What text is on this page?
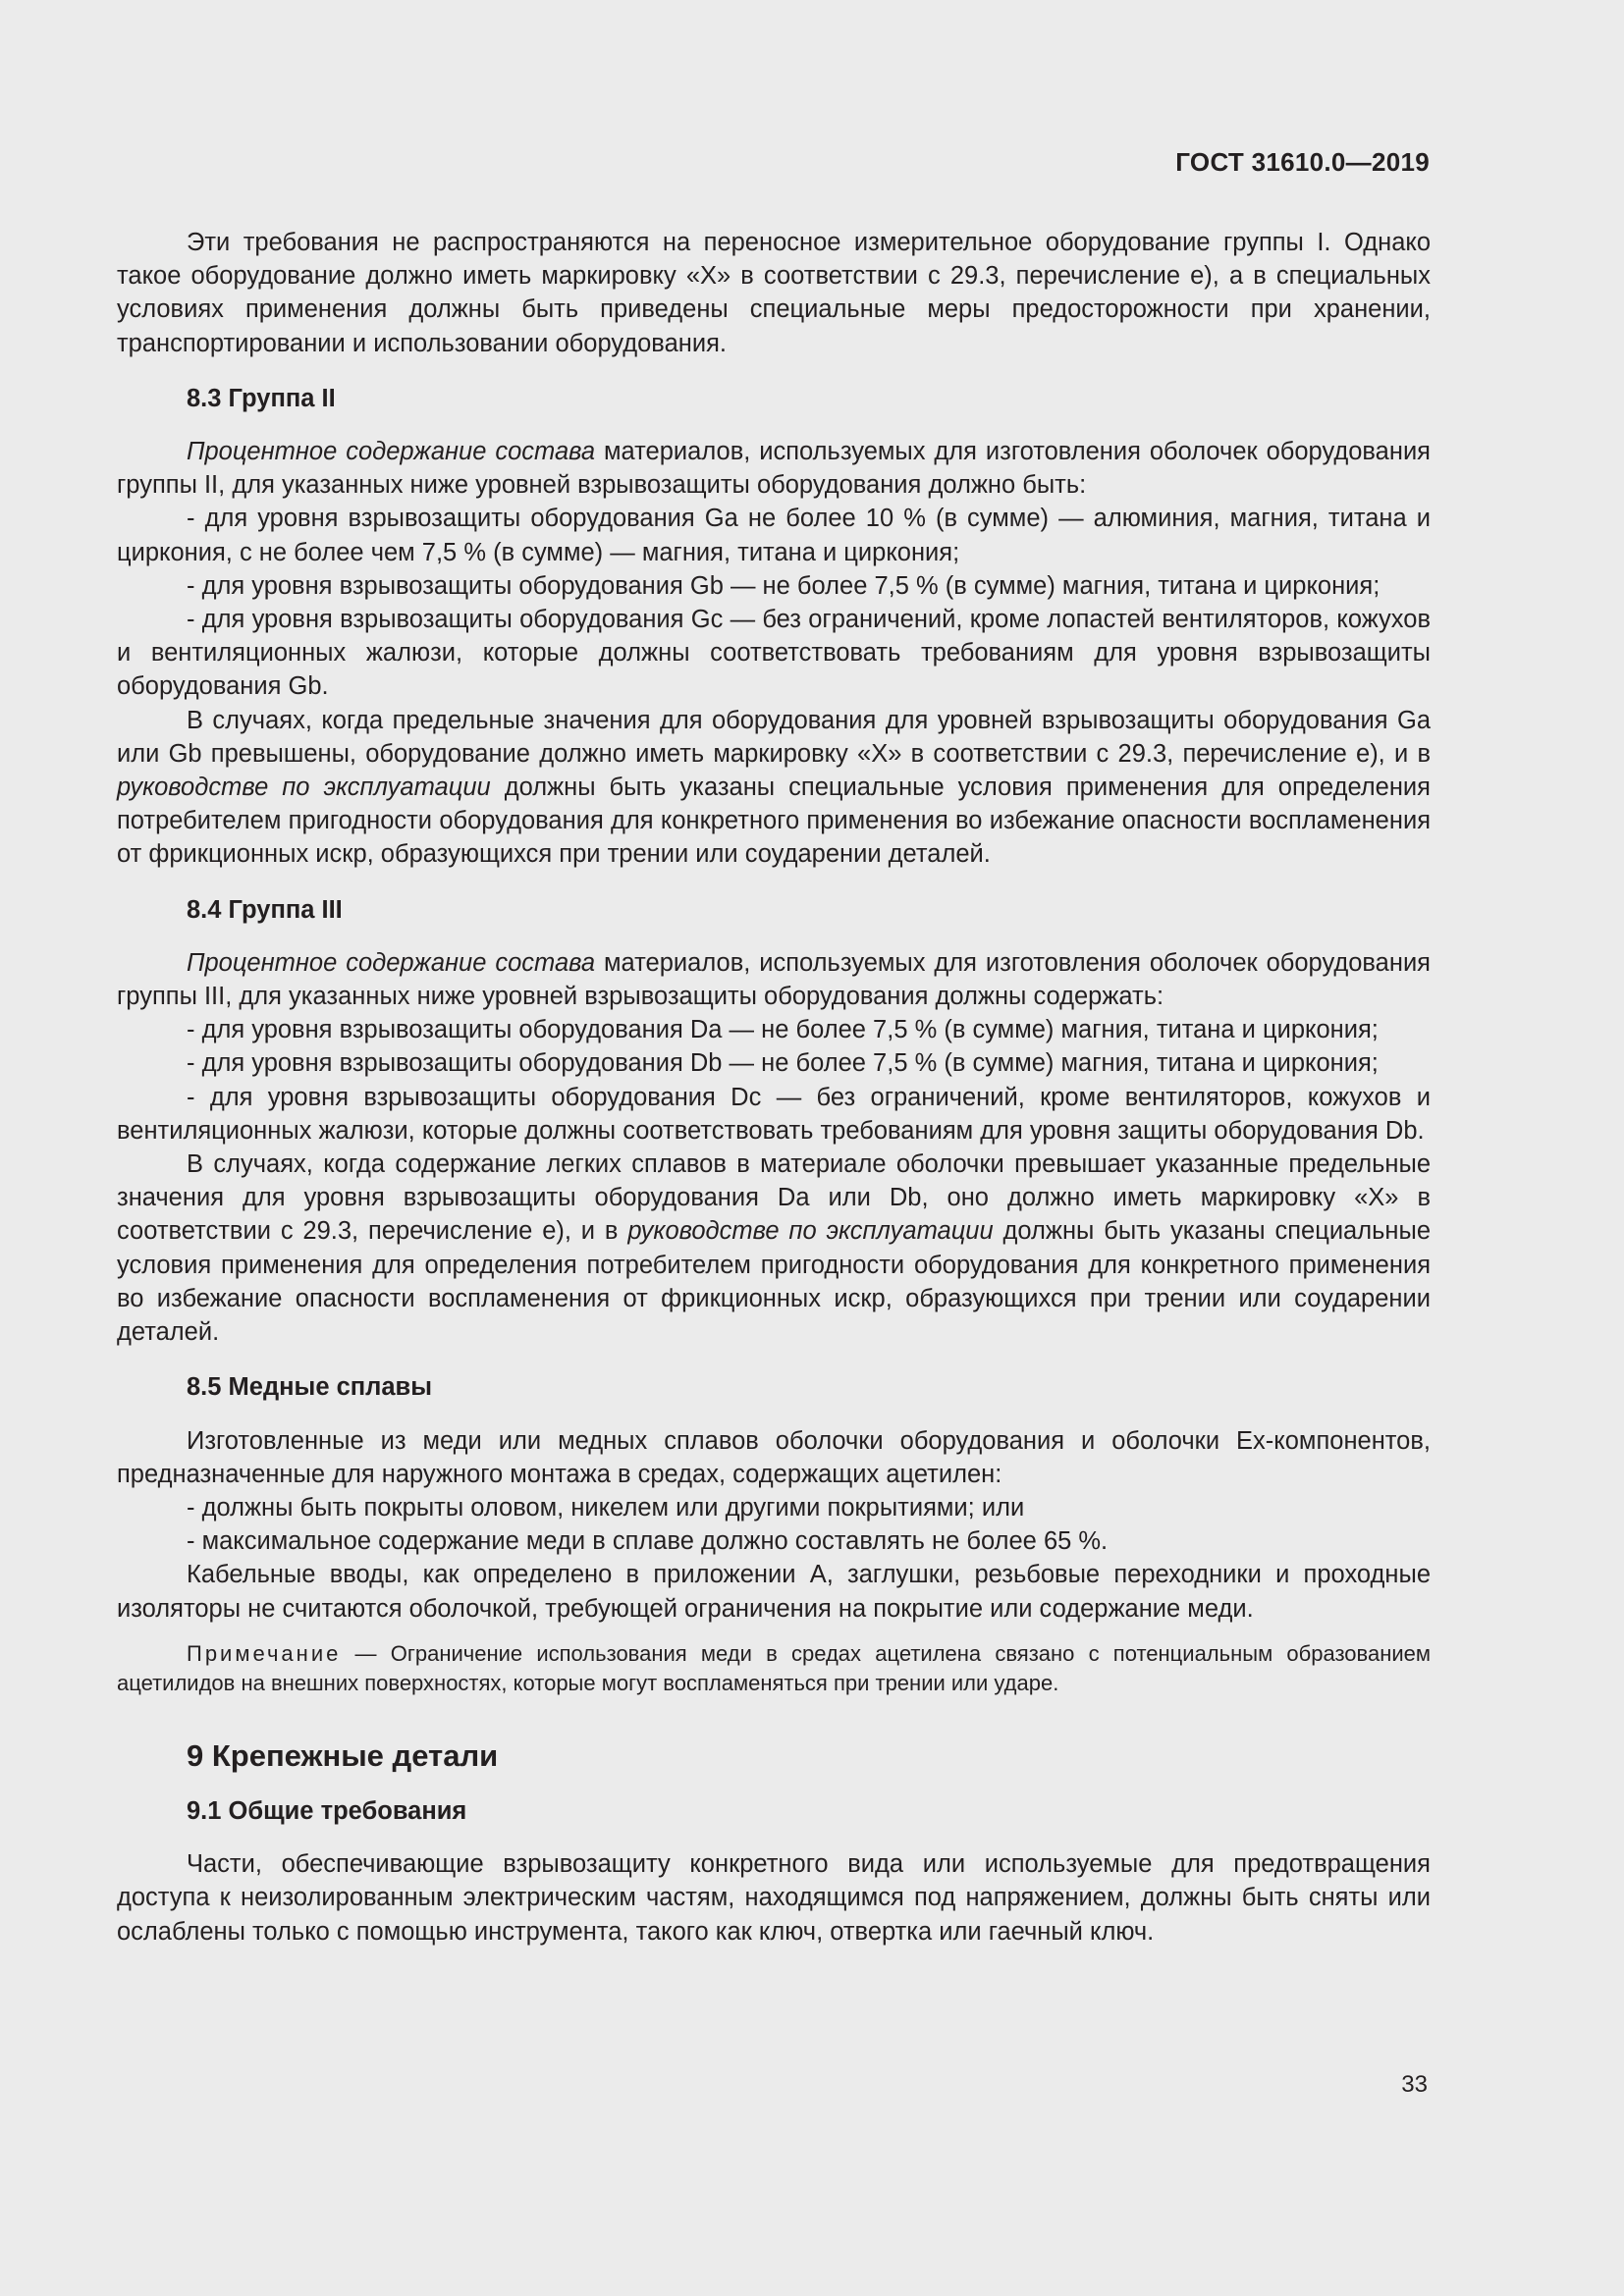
ГОСТ 31610.0—2019

Эти требования не распространяются на переносное измерительное оборудование группы I. Однако такое оборудование должно иметь маркировку «X» в соответствии с 29.3, перечисление е), а в специальных условиях применения должны быть приведены специальные меры предосторожности при хранении, транспортировании и использовании оборудования.

8.3 Группа II

Процентное содержание состава материалов, используемых для изготовления оболочек оборудования группы II, для указанных ниже уровней взрывозащиты оборудования должно быть:

- для уровня взрывозащиты оборудования Ga не более 10 % (в сумме) — алюминия, магния, титана и циркония, с не более чем 7,5 % (в сумме) — магния, титана и циркония;

- для уровня взрывозащиты оборудования Gb — не более 7,5 % (в сумме) магния, титана и циркония;

- для уровня взрывозащиты оборудования Gc — без ограничений, кроме лопастей вентиляторов, кожухов и вентиляционных жалюзи, которые должны соответствовать требованиям для уровня взрывозащиты оборудования Gb.

В случаях, когда предельные значения для оборудования для уровней взрывозащиты оборудования Ga или Gb превышены, оборудование должно иметь маркировку «X» в соответствии с 29.3, перечисление е), и в руководстве по эксплуатации должны быть указаны специальные условия применения для определения потребителем пригодности оборудования для конкретного применения во избежание опасности воспламенения от фрикционных искр, образующихся при трении или соударении деталей.

8.4 Группа III

Процентное содержание состава материалов, используемых для изготовления оболочек оборудования группы III, для указанных ниже уровней взрывозащиты оборудования должны содержать:

- для уровня взрывозащиты оборудования Da — не более 7,5 % (в сумме) магния, титана и циркония;

- для уровня взрывозащиты оборудования Db — не более 7,5 % (в сумме) магния, титана и циркония;

- для уровня взрывозащиты оборудования Dc — без ограничений, кроме вентиляторов, кожухов и вентиляционных жалюзи, которые должны соответствовать требованиям для уровня защиты оборудования Db.

В случаях, когда содержание легких сплавов в материале оболочки превышает указанные предельные значения для уровня взрывозащиты оборудования Da или Db, оно должно иметь маркировку «X» в соответствии с 29.3, перечисление е), и в руководстве по эксплуатации должны быть указаны специальные условия применения для определения потребителем пригодности оборудования для конкретного применения во избежание опасности воспламенения от фрикционных искр, образующихся при трении или соударении деталей.

8.5 Медные сплавы

Изготовленные из меди или медных сплавов оболочки оборудования и оболочки Ex-компонентов, предназначенные для наружного монтажа в средах, содержащих ацетилен:

- должны быть покрыты оловом, никелем или другими покрытиями; или

- максимальное содержание меди в сплаве должно составлять не более 65 %.

Кабельные вводы, как определено в приложении А, заглушки, резьбовые переходники и проходные изоляторы не считаются оболочкой, требующей ограничения на покрытие или содержание меди.

Примечание — Ограничение использования меди в средах ацетилена связано с потенциальным образованием ацетилидов на внешних поверхностях, которые могут воспламеняться при трении или ударе.

9 Крепежные детали
9.1 Общие требования

Части, обеспечивающие взрывозащиту конкретного вида или используемые для предотвращения доступа к неизолированным электрическим частям, находящимся под напряжением, должны быть сняты или ослаблены только с помощью инструмента, такого как ключ, отвертка или гаечный ключ.

33
